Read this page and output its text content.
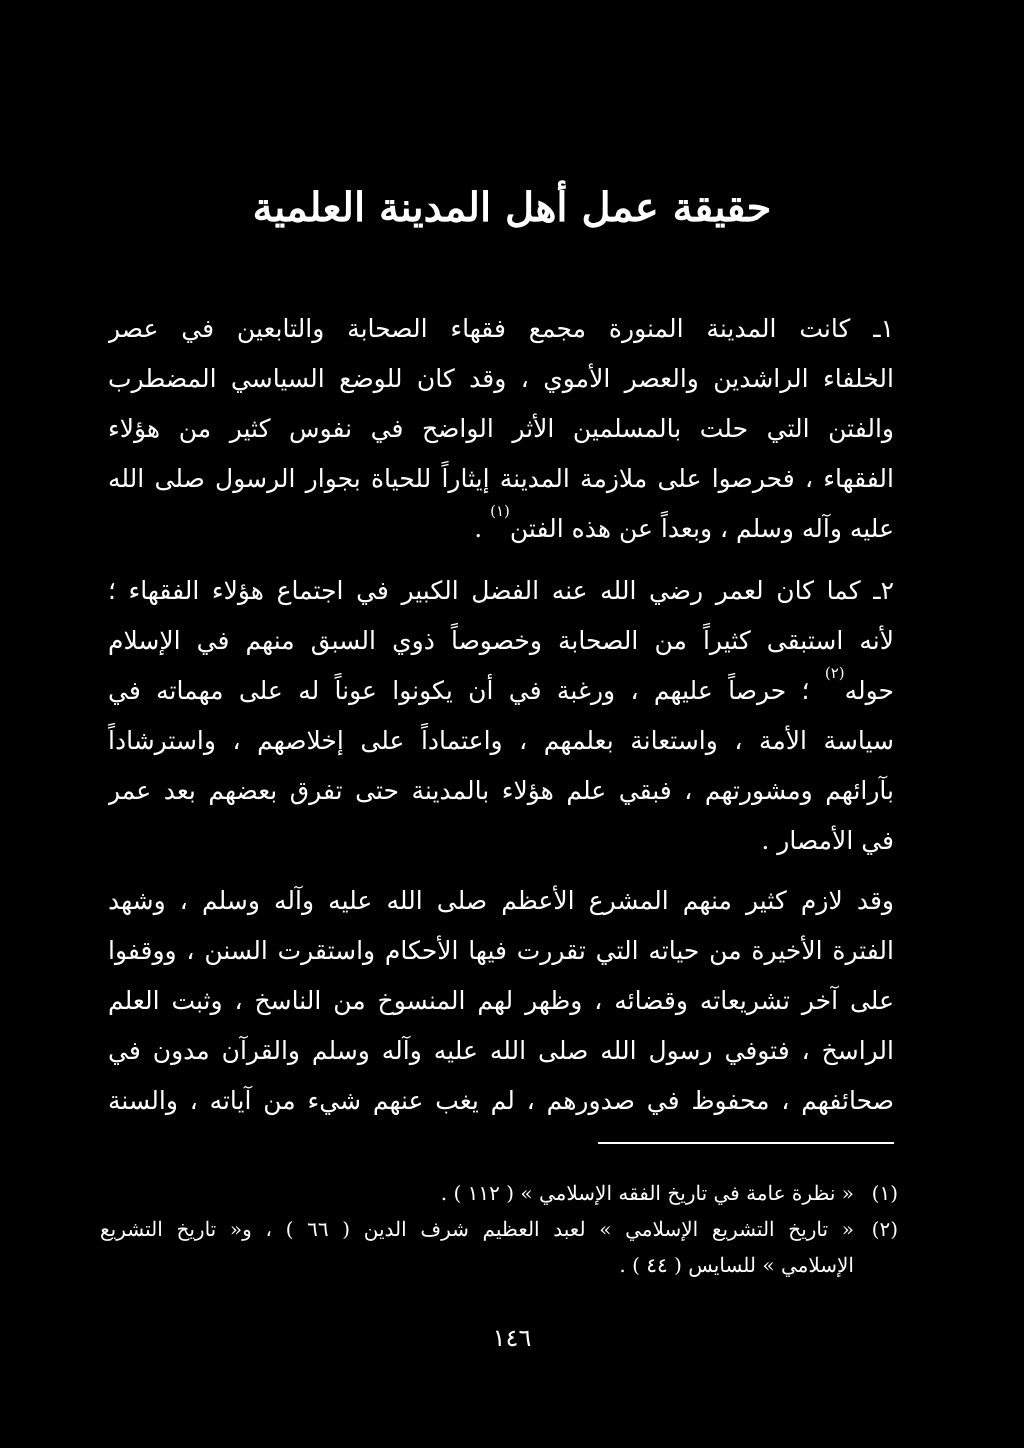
حقيقة عمل أهل المدينة العلمية
١ـ كانت المدينة المنورة مجمع فقهاء الصحابة والتابعين في عصر
الخلفاء الراشدين والعصر الأموي ، وقد كان للوضع السياسي المضطرب
والفتن التي حلت بالمسلمين الأثر الواضح في نفوس كثير من هؤلاء
الفقهاء ، فحرصوا على ملازمة المدينة إيثاراً للحياة بجوار الرسول صلى الله
عليه وآله وسلم ، وبعداً عن هذه الفتن$^{(١)}$ .
٢ـ كما كان لعمر رضي الله عنه الفضل الكبير في اجتماع هؤلاء الفقهاء ؛
لأنه استبقى كثيراً من الصحابة وخصوصاً ذوي السبق منهم في الإسلام
حوله$^{(٢)}$ ؛ حرصاً عليهم ، ورغبة في أن يكونوا عوناً له على مهماته في
سياسة الأمة ، واستعانة بعلمهم ، واعتماداً على إخلاصهم ، واسترشاداً
بآرائهم ومشورتهم ، فبقي علم هؤلاء بالمدينة حتى تفرق بعضهم بعد عمر
في الأمصار .
وقد لازم كثير منهم المشرع الأعظم صلى الله عليه وآله وسلم ، وشهد
الفترة الأخيرة من حياته التي تقررت فيها الأحكام واستقرت السنن ، ووقفوا
على آخر تشريعاته وقضائه ، وظهر لهم المنسوخ من الناسخ ، وثبت العلم
الراسخ ، فتوفي رسول الله صلى الله عليه وآله وسلم والقرآن مدون في
صحائفهم ، محفوظ في صدورهم ، لم يغب عنهم شيء من آياته ، والسنة
(١)
« نظرة عامة في تاريخ الفقه الإسلامي » ( ١١٢ ) .
(٢)
« تاريخ التشريع الإسلامي » لعبد العظيم شرف الدين ( ٦٦ ) ، و« تاريخ التشريع
الإسلامي » للسايس ( ٤٤ ) .
١٤٦
